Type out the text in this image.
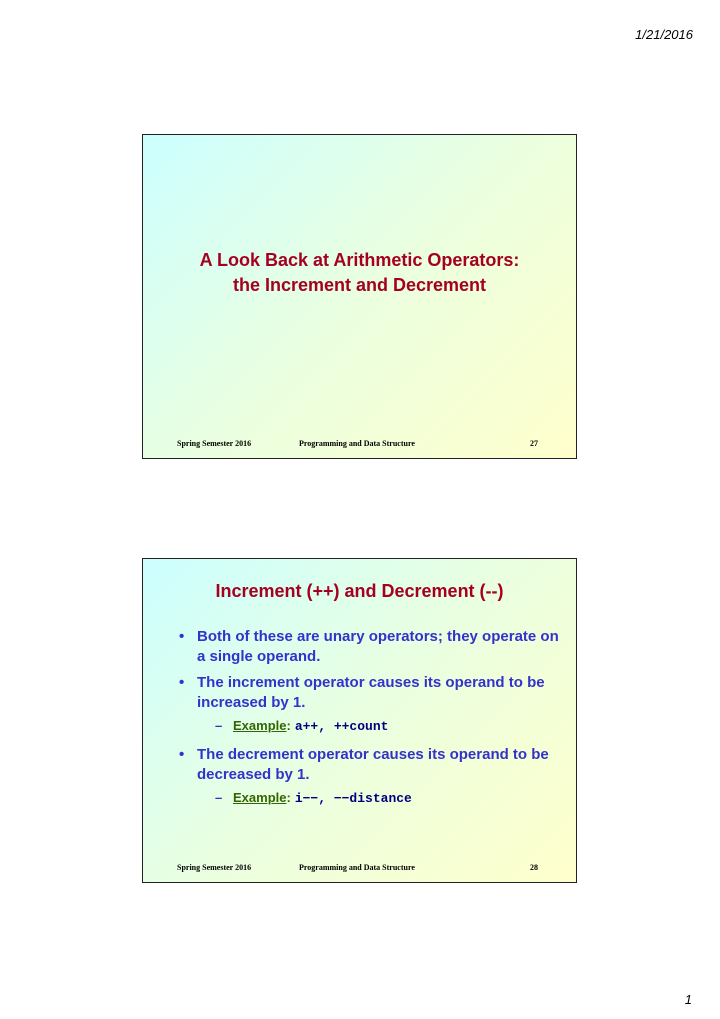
1/21/2016
A Look Back at Arithmetic Operators:
the Increment and Decrement
Spring Semester 2016	Programming and Data Structure	27
Increment (++) and Decrement (--)
• Both of these are unary operators; they operate on a single operand.
• The increment operator causes its operand to be increased by 1.
– Example: a++, ++count
• The decrement operator causes its operand to be decreased by 1.
– Example: i−−, −−distance
Spring Semester 2016	Programming and Data Structure	28
1
